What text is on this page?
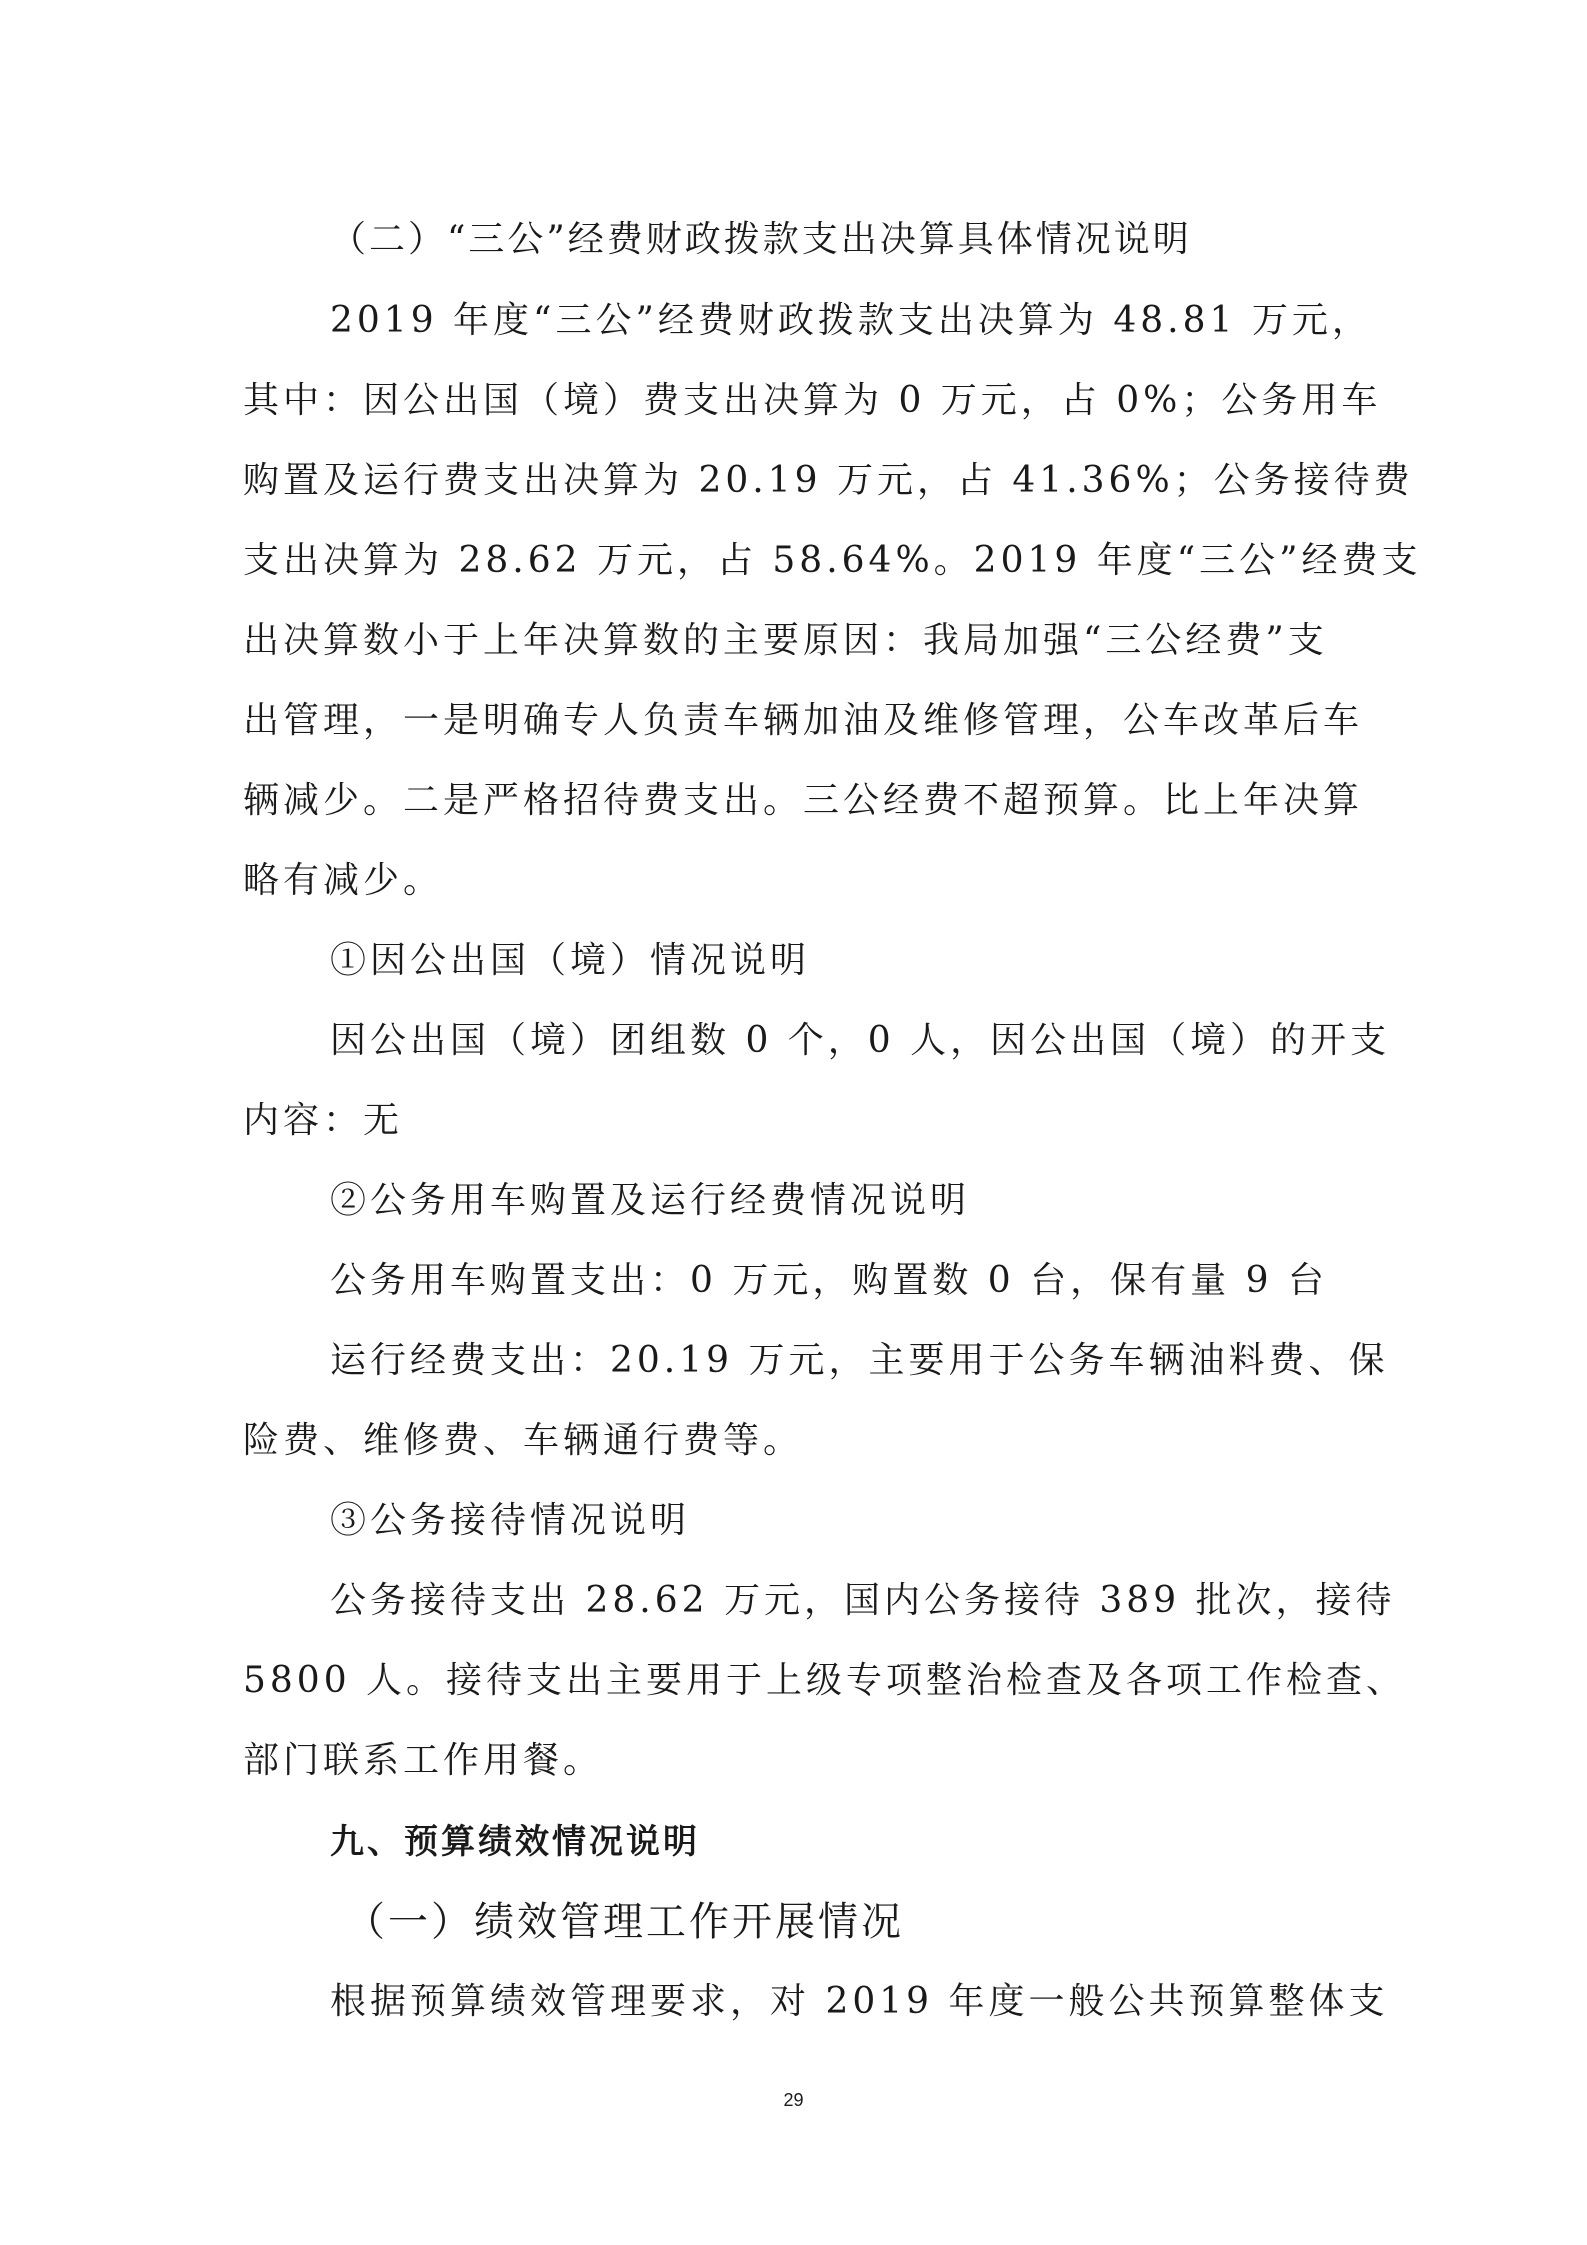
（二）“三公”经费财政拨款支出决算具体情况说明
2019 年度“三公”经费财政拨款支出决算为 48.81 万元，
其中：因公出国（境）费支出决算为 0 万元，占 0%；公务用车
购置及运行费支出决算为 20.19 万元，占 41.36%；公务接待费
支出决算为 28.62 万元，占 58.64%。2019 年度“三公”经费支
出决算数小于上年决算数的主要原因：我局加强“三公经费”支
出管理，一是明确专人负责车辆加油及维修管理，公车改革后车
辆减少。二是严格招待费支出。三公经费不超预算。比上年决算
略有减少。
①因公出国（境）情况说明
因公出国（境）团组数 0 个，0 人，因公出国（境）的开支
内容：无
②公务用车购置及运行经费情况说明
公务用车购置支出：0 万元，购置数 0 台，保有量 9 台
运行经费支出：20.19 万元，主要用于公务车辆油料费、保
险费、维修费、车辆通行费等。
③公务接待情况说明
公务接待支出 28.62 万元，国内公务接待 389 批次，接待
5800 人。接待支出主要用于上级专项整治检查及各项工作检查、
部门联系工作用餐。
九、预算绩效情况说明
（一）绩效管理工作开展情况
根据预算绩效管理要求，对 2019 年度一般公共预算整体支
29
